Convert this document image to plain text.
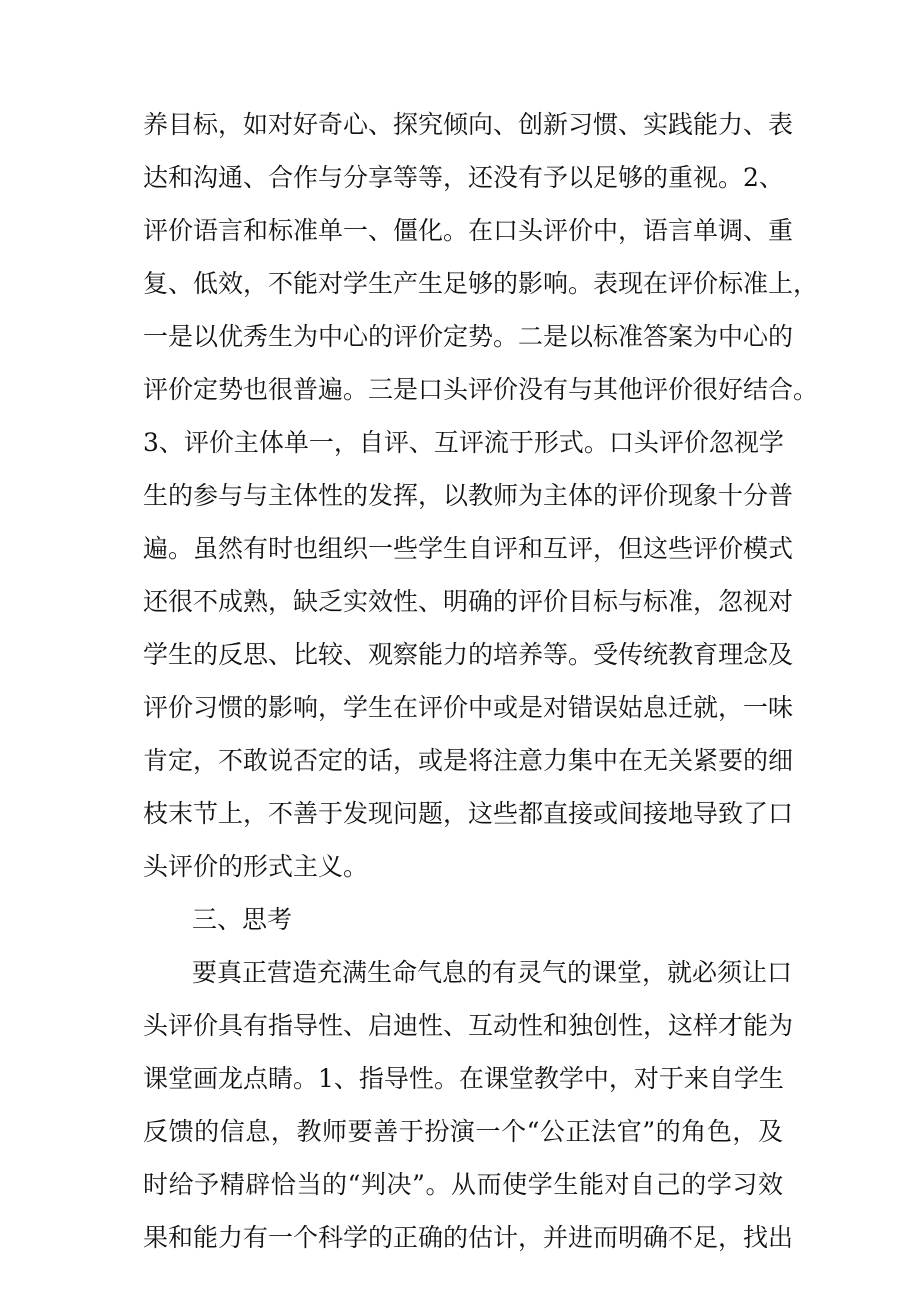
养目标，如对好奇心、探究倾向、创新习惯、实践能力、表
达和沟通、合作与分享等等，还没有予以足够的重视。2、
评价语言和标准单一、僵化。在口头评价中，语言单调、重
复、低效，不能对学生产生足够的影响。表现在评价标准上，
一是以优秀生为中心的评价定势。二是以标准答案为中心的
评价定势也很普遍。三是口头评价没有与其他评价很好结合。
3、评价主体单一，自评、互评流于形式。口头评价忽视学
生的参与与主体性的发挥，以教师为主体的评价现象十分普
遍。虽然有时也组织一些学生自评和互评，但这些评价模式
还很不成熟，缺乏实效性、明确的评价目标与标准，忽视对
学生的反思、比较、观察能力的培养等。受传统教育理念及
评价习惯的影响，学生在评价中或是对错误姑息迁就，一味
肯定，不敢说否定的话，或是将注意力集中在无关紧要的细
枝末节上，不善于发现问题，这些都直接或间接地导致了口
头评价的形式主义。
三、思考
要真正营造充满生命气息的有灵气的课堂，就必须让口
头评价具有指导性、启迪性、互动性和独创性，这样才能为
课堂画龙点睛。1、指导性。在课堂教学中，对于来自学生
反馈的信息，教师要善于扮演一个“公正法官”的角色，及
时给予精辟恰当的“判决”。从而使学生能对自己的学习效
果和能力有一个科学的正确的估计，并进而明确不足，找出
